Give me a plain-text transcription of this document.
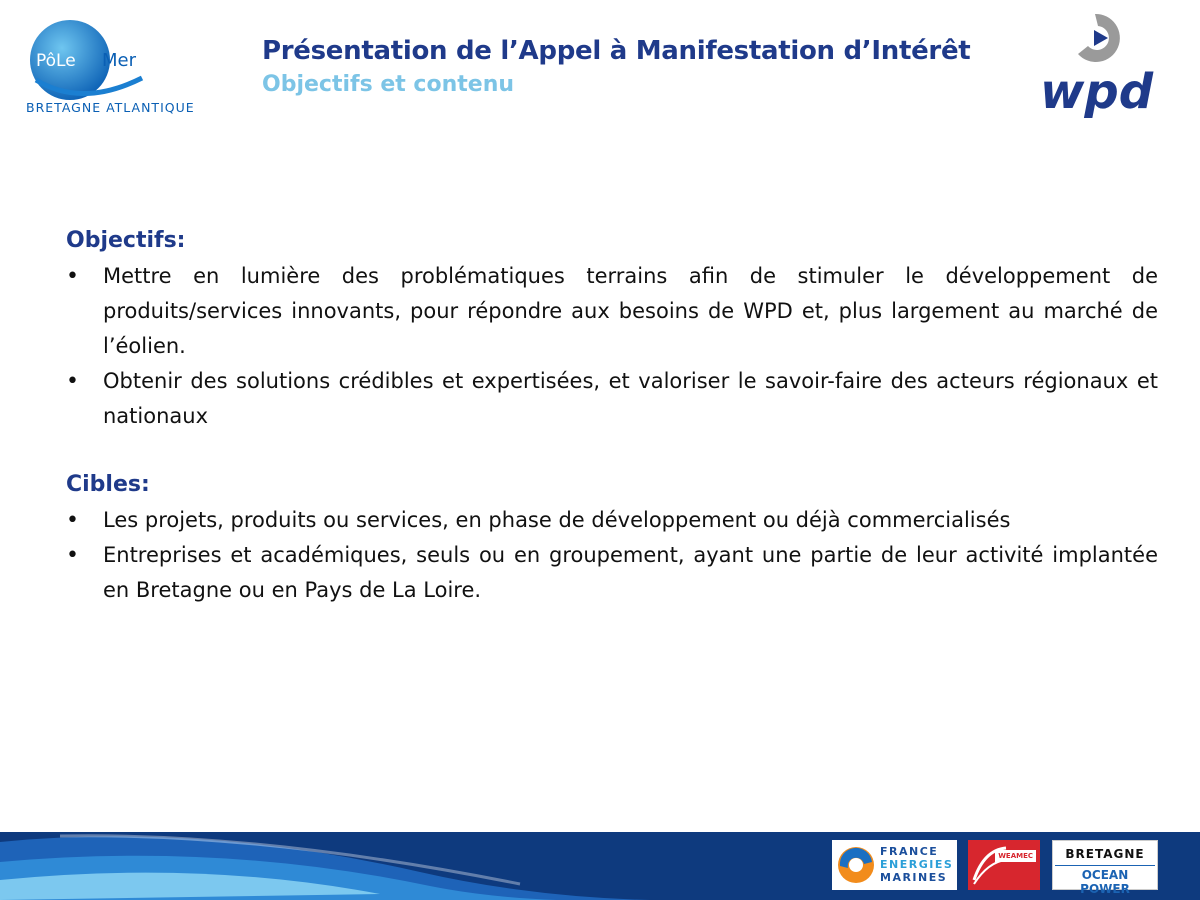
PôLe Mer
BRETAGNE ATLANTIQUE
Présentation de l’Appel à Manifestation d’Intérêt
Objectifs et contenu	wpd
Objectifs:
• Mettre en lumière des problématiques terrains afin de stimuler le développement de produits/services innovants, pour répondre aux besoins de WPD et, plus largement au marché de l’éolien.
• Obtenir des solutions crédibles et expertisées, et valoriser le savoir-faire des acteurs régionaux et nationaux
Cibles:
• Les projets, produits ou services, en phase de développement ou déjà commercialisés
• Entreprises et académiques, seuls ou en groupement, ayant une partie de leur activité implantée en Bretagne ou en Pays de La Loire.
FRANCE
ENERGIES
MARINES
WEAMEC	BRETAGNE
OCEAN POWER
